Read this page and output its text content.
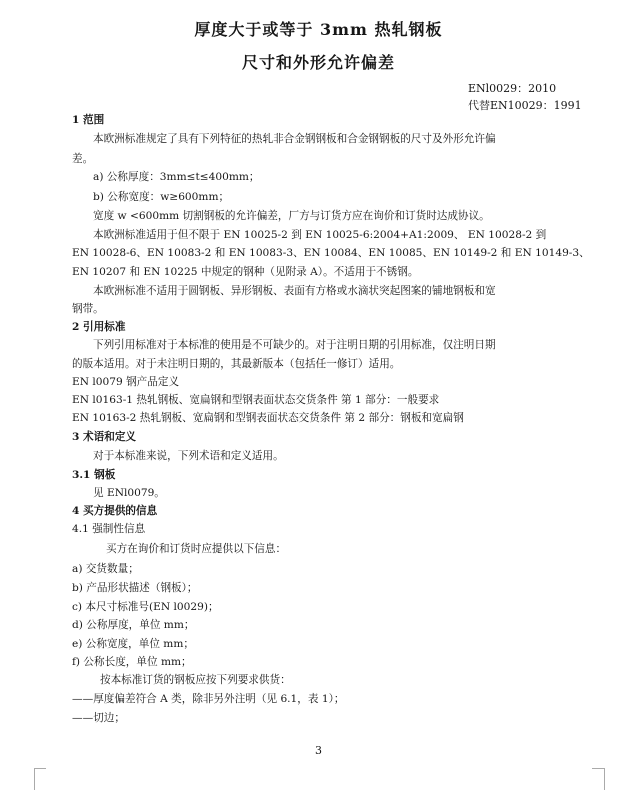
厚度大于或等于 3mm 热轧钢板
尺寸和外形允许偏差
ENl0029：2010
代替EN10029：1991
1 范围
本欧洲标准规定了具有下列特征的热轧非合金钢钢板和合金钢钢板的尺寸及外形允许偏
差。
a) 公称厚度：3mm≤t≤400mm；
b) 公称宽度：w≥600mm；
宽度 w <600mm 切割钢板的允许偏差，厂方与订货方应在询价和订货时达成协议。
本欧洲标准适用于但不限于 EN 10025-2 到 EN 10025-6:2004+A1:2009、 EN 10028-2 到
EN 10028-6、EN 10083-2 和 EN 10083-3、EN 10084、EN 10085、EN 10149-2 和 EN 10149-3、
EN 10207 和 EN 10225 中规定的钢种（见附录 A）。不适用于不锈钢。
本欧洲标准不适用于圆钢板、异形钢板、表面有方格或水滴状突起图案的铺地钢板和宽
钢带。
2 引用标准
下列引用标准对于本标准的使用是不可缺少的。对于注明日期的引用标准，仅注明日期
的版本适用。对于未注明日期的，其最新版本（包括任一修订）适用。
EN l0079 钢产品定义
EN l0163-1 热轧钢板、宽扁钢和型钢表面状态交货条件 第 1 部分：一般要求
EN 10163-2 热轧钢板、宽扁钢和型钢表面状态交货条件 第 2 部分：钢板和宽扁钢
3 术语和定义
对于本标准来说，下列术语和定义适用。
3.1 钢板
见 ENl0079。
4 买方提供的信息
4.1 强制性信息
买方在询价和订货时应提供以下信息：
a) 交货数量；
b) 产品形状描述（钢板）；
c) 本尺寸标准号(EN l0029)；
d) 公称厚度，单位 mm；
e) 公称宽度，单位 mm；
f) 公称长度，单位 mm；
按本标准订货的钢板应按下列要求供货：
——厚度偏差符合 A 类，除非另外注明（见 6.1，表 1）；
——切边；
3
